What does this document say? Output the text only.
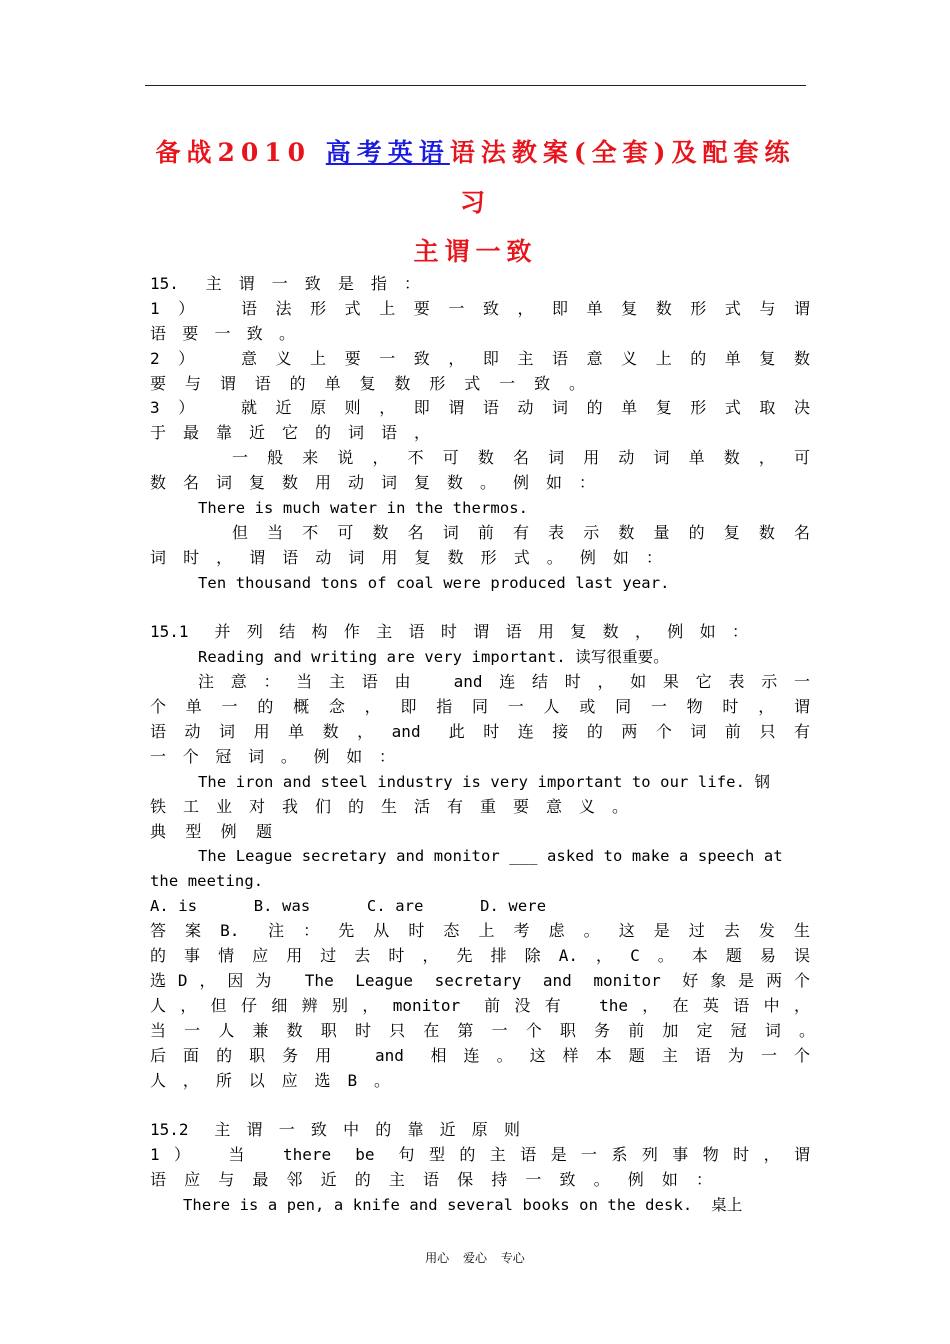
备战2010 高考英语语法教案(全套)及配套练
习
主谓一致
15. 主谓一致是指：
1） 语法形式上要一致，即单复数形式与谓
语要一致。
2） 意义上要一致，即主语意义上的单复数
要与谓语的单复数形式一致。
3） 就近原则，即谓语动词的单复形式取决
于最靠近它的词语，
一般来说，不可数名词用动词单数，可
数名词复数用动词复数。例如：
There is much water in the thermos.
但当不可数名词前有表示数量的复数名
词时，谓语动词用复数形式。例如：
Ten thousand tons of coal were produced last year.
15.1 并列结构作主语时谓语用复数，例如：
Reading and writing are very important. 读写很重要。
注意：当主语由 and连结时，如果它表示一
个单一的概念，即指同一人或同一物时，谓
语动词用单数，and 此时连接的两个词前只有
一个冠词。例如：
The iron and steel industry is very important to our life. 钢
铁工业对我们的生活有重要意义。
典型例题
The League secretary and monitor ___ asked to make a speech at
the meeting.
A. is      B. was      C. are      D. were
答案B. 注：先从时态上考虑。这是过去发生
的事情应用过去时，先排除A.，C。本题易误
选D，因为 The League secretary and monitor 好象是两个
人，但仔细辨别，monitor 前没有 the，在英语中，
当一人兼数职时只在第一个职务前加定冠词。
后面的职务用 and 相连。这样本题主语为一个
人，所以应选B。
15.2 主谓一致中的靠近原则
1） 当 there be 句型的主语是一系列事物时，谓
语应与最邻近的主语保持一致。例如：
There is a pen, a knife and several books on the desk.  桌上
用心 爱心 专心
